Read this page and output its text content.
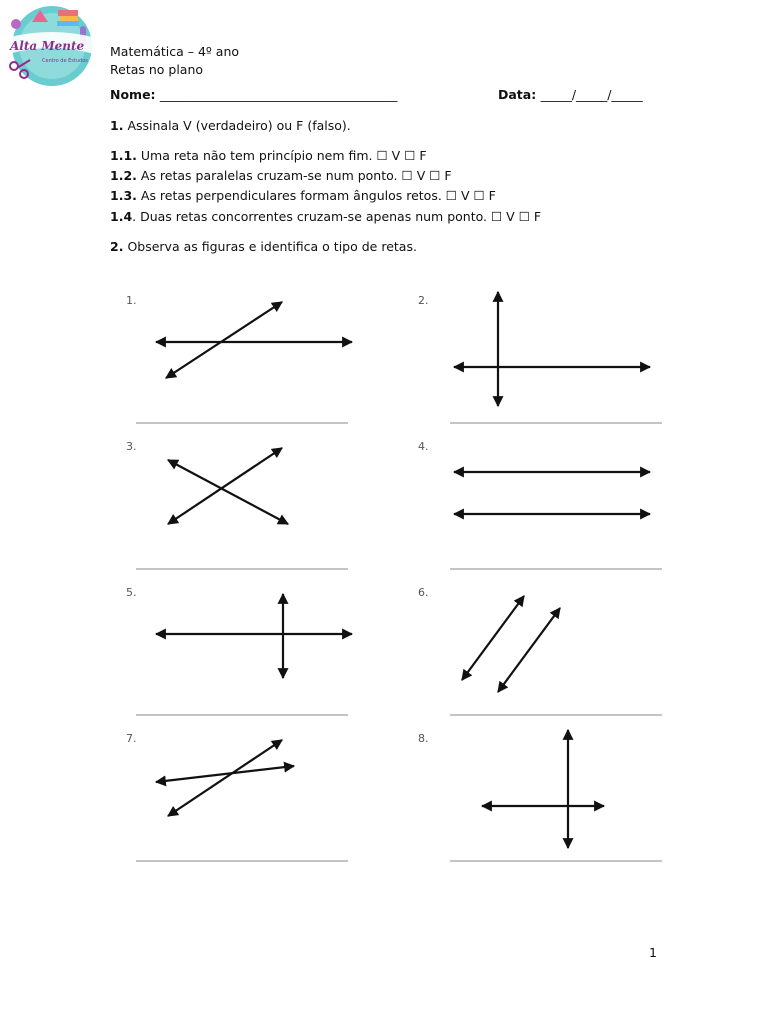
Alta Mente
Centro de Estudos
Matemática – 4º ano
Retas no plano
Nome: ______________________________________	Data: _____/_____/_____
1. Assinala V (verdadeiro) ou F (falso).
1.1. Uma reta não tem princípio nem fim. ☐ V ☐ F
1.2. As retas paralelas cruzam-se num ponto. ☐ V ☐ F
1.3. As retas perpendiculares formam ângulos retos. ☐ V ☐ F
1.4. Duas retas concorrentes cruzam-se apenas num ponto. ☐ V ☐ F
2. Observa as figuras e identifica o tipo de retas.
1.	2.
3.	4.
5.	6.
7.	8.
1
